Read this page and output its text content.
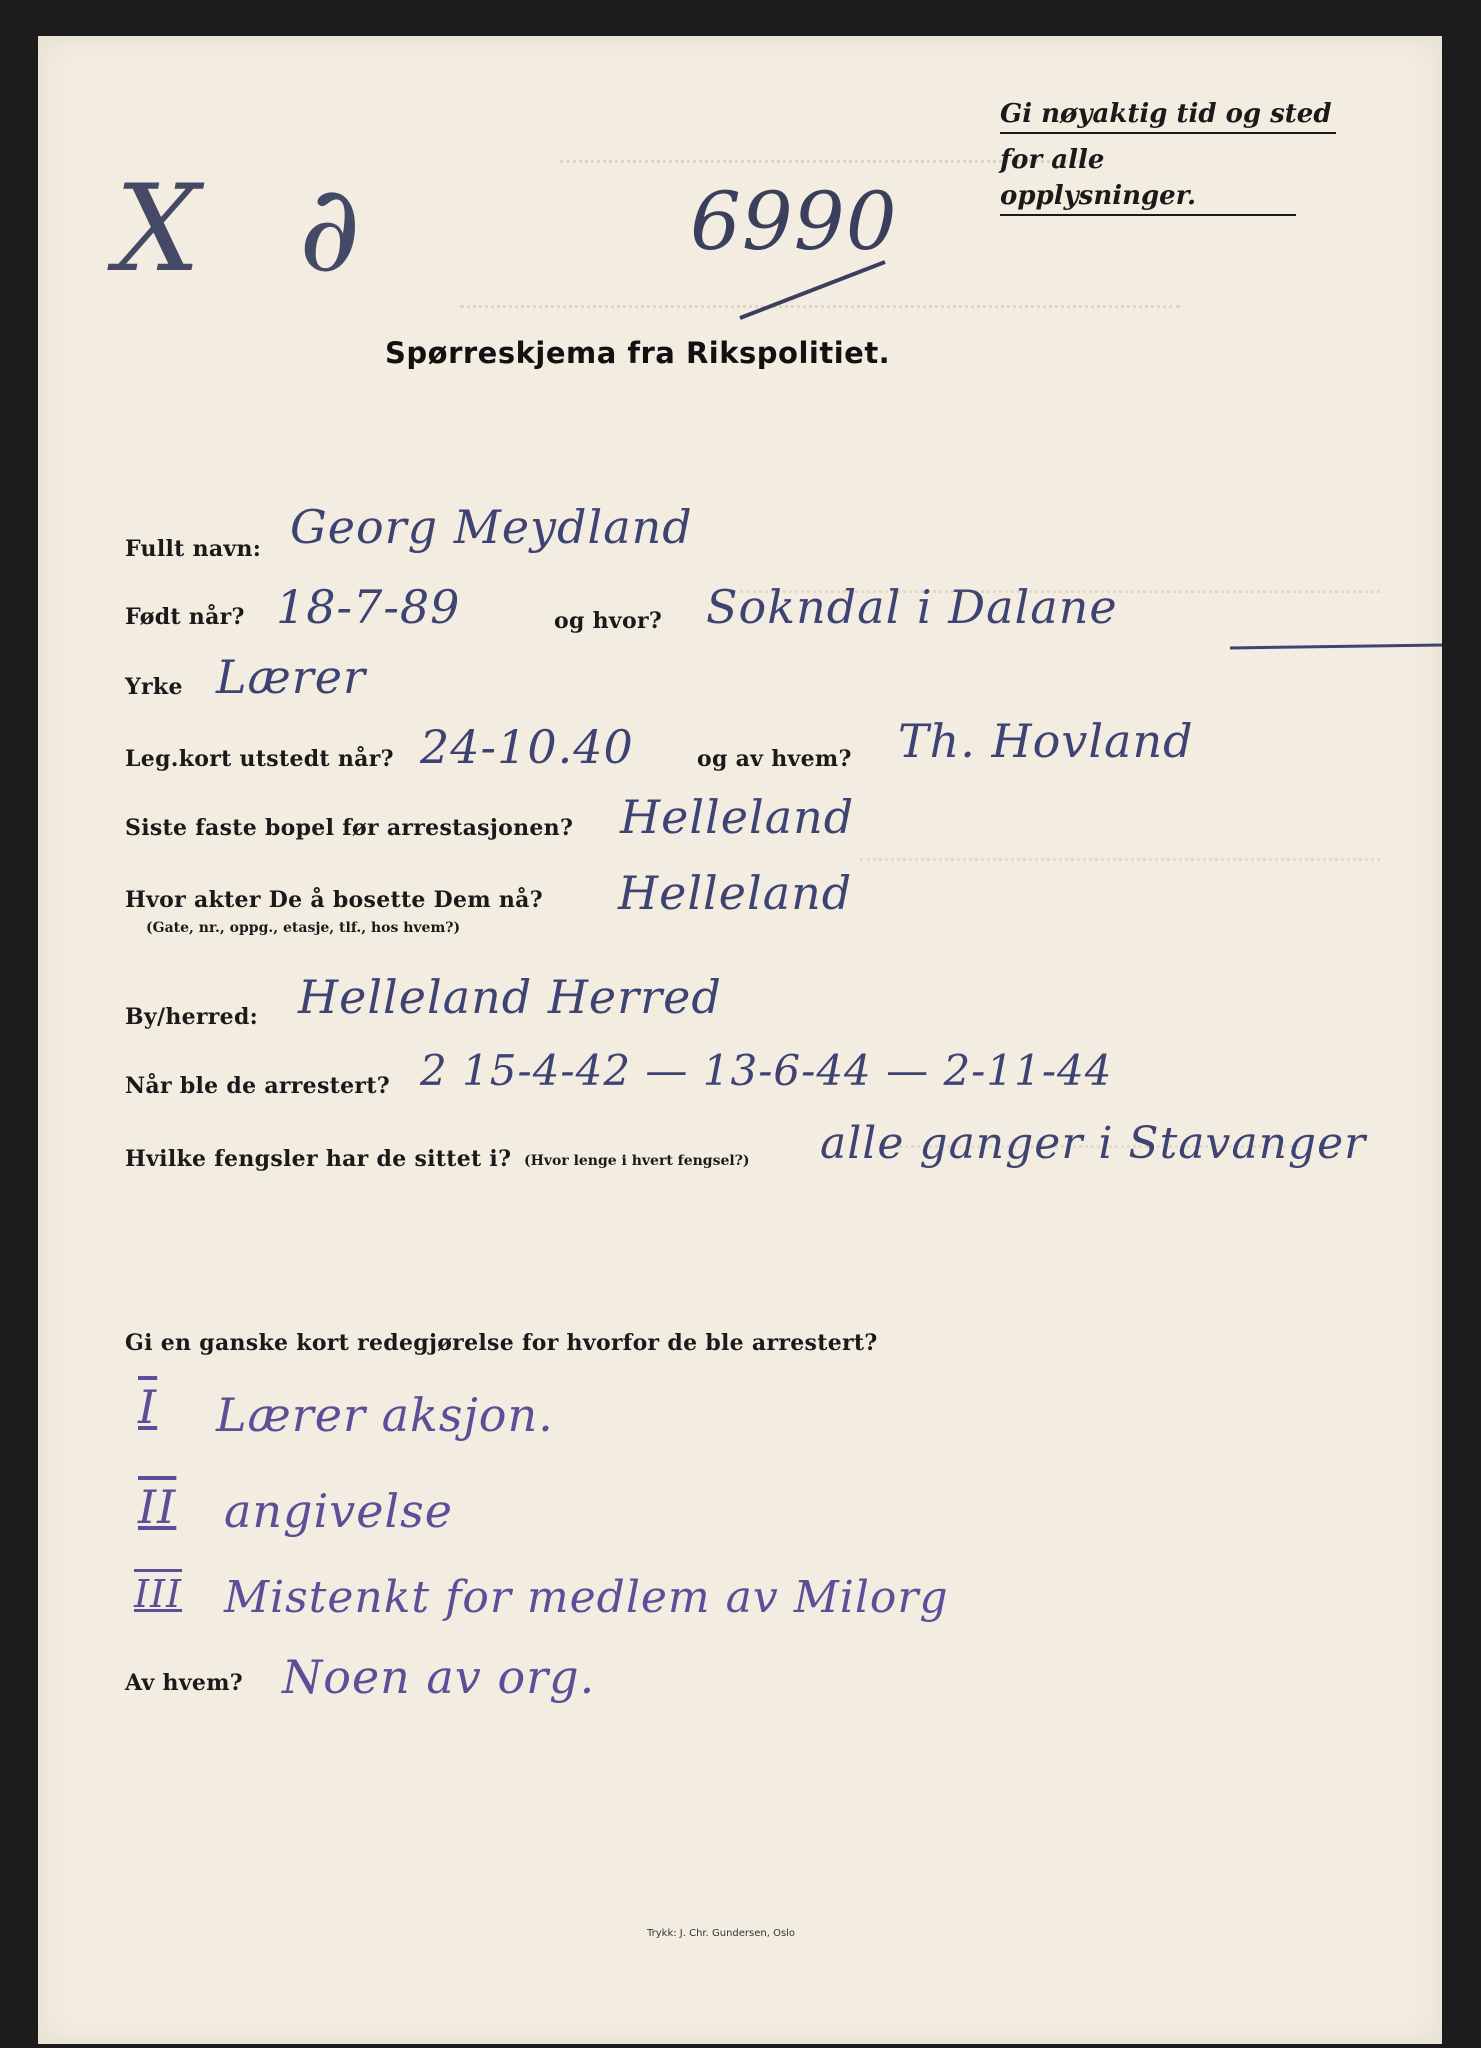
Gi nøyaktig tid og sted
for alle opplysninger.
X ∂	6990
Spørreskjema fra Rikspolitiet.
Fullt navn: Georg Meydland
Født når? 18-7-89	og hvor? Sokndal i Dalane
Yrke Lærer
Leg.kort utstedt når? 24-10.40	og av hvem? Th. Hovland
Siste faste bopel før arrestasjonen? Helleland
Hvor akter De å bosette Dem nå?
(Gate, nr., oppg., etasje, tlf., hos hvem?)
Helleland
By/herred: Helleland Herred
Når ble de arrestert? 2 15-4-42 — 13-6-44 — 2-11-44
Hvilke fengsler har de sittet i? (Hvor lenge i hvert fengsel?) alle ganger i Stavanger
Gi en ganske kort redegjørelse for hvorfor de ble arrestert?
I Lærer aksjon.
II angivelse
III Mistenkt for medlem av Milorg
Av hvem? Noen av org.
Trykk: J. Chr. Gundersen, Oslo
